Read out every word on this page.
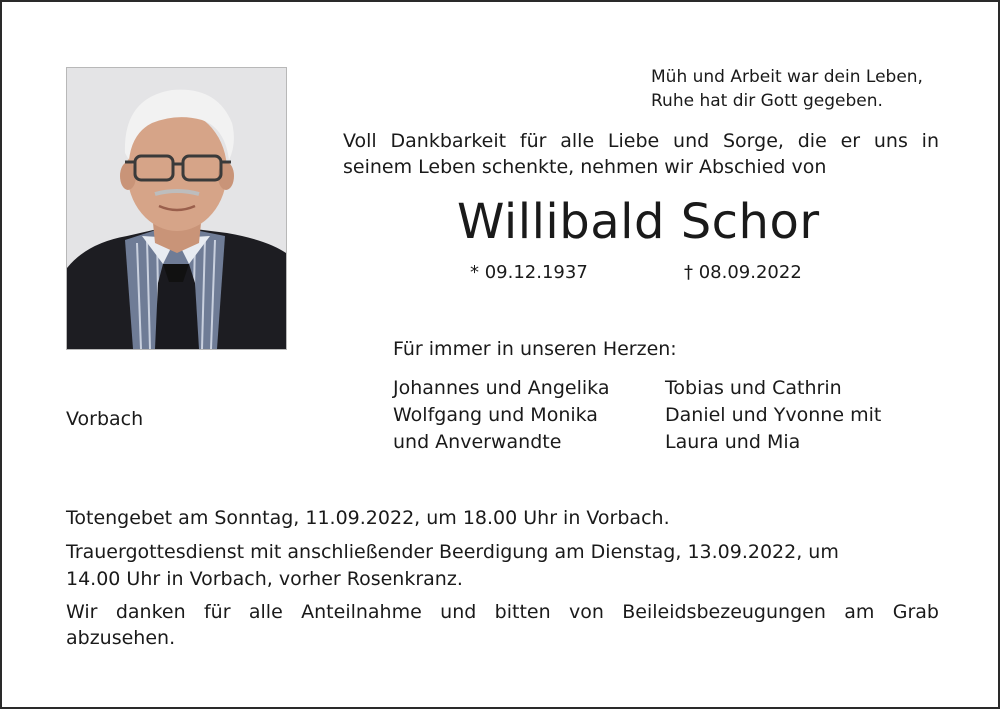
Müh und Arbeit war dein Leben,
Ruhe hat dir Gott gegeben.
Voll Dankbarkeit für alle Liebe und Sorge, die er uns in
seinem Leben schenkte, nehmen wir Abschied von
Willibald Schor
* 09.12.1937	† 08.09.2022
Für immer in unseren Herzen:
Johannes und Angelika
Wolfgang und Monika
und Anverwandte
Tobias und Cathrin
Daniel und Yvonne mit
Laura und Mia
Vorbach
Totengebet am Sonntag, 11.09.2022, um 18.00 Uhr in Vorbach.
Trauergottesdienst mit anschließender Beerdigung am Dienstag, 13.09.2022, um
14.00 Uhr in Vorbach, vorher Rosenkranz.
Wir danken für alle Anteilnahme und bitten von Beileidsbezeugungen am Grab
abzusehen.
